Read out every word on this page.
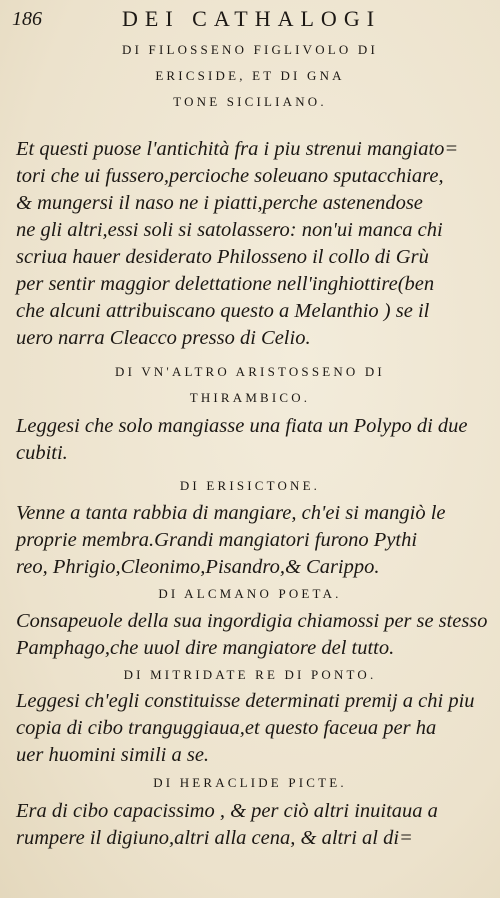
186	DEI CATHALOGI
DI FILOSSENO FIGLIVOLO DI
ERICSIDE, ET DI GNA
TONE SICILIANO.
Et questi puose l'antichità fra i piu strenui mangiato=
tori che ui fussero,percioche soleuano sputacchiare,
& mungersi il naso ne i piatti,perche astenendose
ne gli altri,essi soli si satolassero: non'ui manca chi
scriua hauer desiderato Philosseno il collo di Grù
per sentir maggior delettatione nell'inghiottire(ben
che alcuni attribuiscano questo a Melanthio ) se il
uero narra Cleacco presso di Celio.
DI VN'ALTRO ARISTOSSENO DI
THIRAMBICO.
Leggesi che solo mangiasse una fiata un Polypo di due
cubiti.
DI ERISICTONE.
Venne a tanta rabbia di mangiare, ch'ei si mangiò le
proprie membra.Grandi mangiatori furono Pythi
reo, Phrigio,Cleonimo,Pisandro,& Carippo.
DI ALCMANO POETA.
Consapeuole della sua ingordigia chiamossi per se stesso
Pamphago,che uuol dire mangiatore del tutto.
DI MITRIDATE RE DI PONTO.
Leggesi ch'egli constituisse determinati premij a chi piu
copia di cibo tranguggiaua,et questo faceua per ha
uer huomini simili a se.
DI HERACLIDE PICTE.
Era di cibo capacissimo , & per ciò altri inuitaua a
rumpere il digiuno,altri alla cena, & altri al di=
